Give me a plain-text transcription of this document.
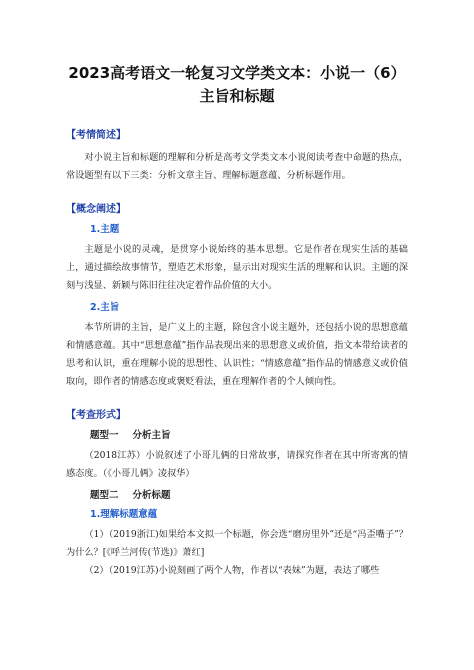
2023高考语文一轮复习文学类文本：小说一（6）主旨和标题
【考情简述】

对小说主旨和标题的理解和分析是高考文学类文本小说阅读考查中命题的热点，常设题型有以下三类：分析文章主旨、理解标题意蕴、分析标题作用。

【概念阐述】
1.主题

主题是小说的灵魂，是贯穿小说始终的基本思想。它是作者在现实生活的基础上，通过描绘故事情节，塑造艺术形象，显示出对现实生活的理解和认识。主题的深刻与浅显、新颖与陈旧往往决定着作品价值的大小。

2.主旨

本节所讲的主旨，是广义上的主题，除包含小说主题外，还包括小说的思想意蕴和情感意蕴。其中“思想意蕴”指作品表现出来的思想意义或价值，指文本带给读者的思考和认识，重在理解小说的思想性、认识性；“情感意蕴”指作品的情感意义或价值取向，即作者的情感态度或褒贬看法，重在理解作者的个人倾向性。

【考查形式】
题型一 分析主旨

（2018江苏）小说叙述了小哥儿俩的日常故事，请探究作者在其中所寄寓的情感态度。（《小哥儿俩》凌叔华）

题型二 分析标题
1.理解标题意蕴

（1）（2019浙江)如果给本文拟一个标题，你会选“磨房里外”还是“冯歪嘴子”？为什么？[《呼兰河传(节选)》萧红]

（2）（2019江苏)小说刻画了两个人物，作者以“表妹”为题，表达了哪些
